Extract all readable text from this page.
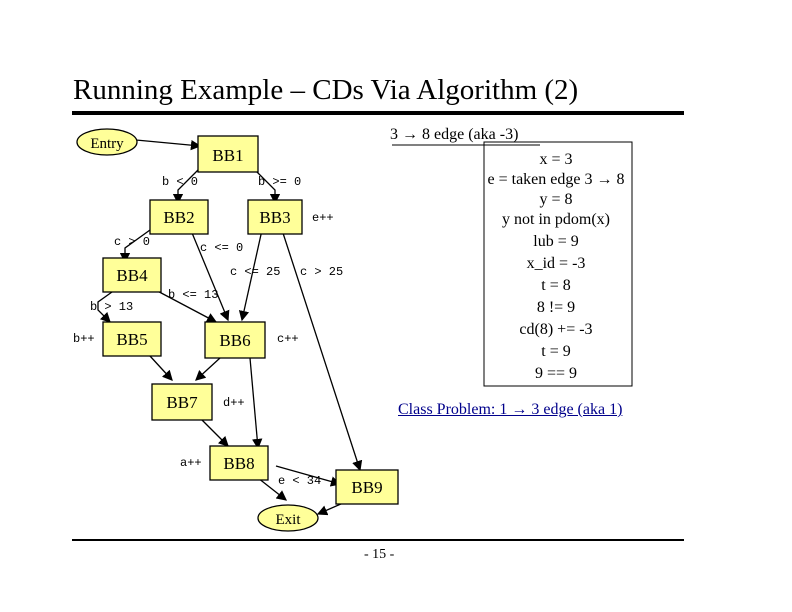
Running Example – CDs Via Algorithm (2)
Entry
BB1
BB2	BB3
BB4
BB5	BB6
BB7
BB8
BB9
Exit
b < 0	b >= 0
e++
c > 0	c <= 0
c <= 25 c > 25
b <= 13
b > 13
b++	c++
d++
a++
e < 34
x = 3
e = taken edge 3 → 8
y = 8
y not in pdom(x)
lub = 9
x_id = -3
t = 8
8 != 9
cd(8) += -3
t = 9
9 == 9
3 → 8 edge (aka -3)
Class Problem: 1 → 3 edge (aka 1)
- 15 -
